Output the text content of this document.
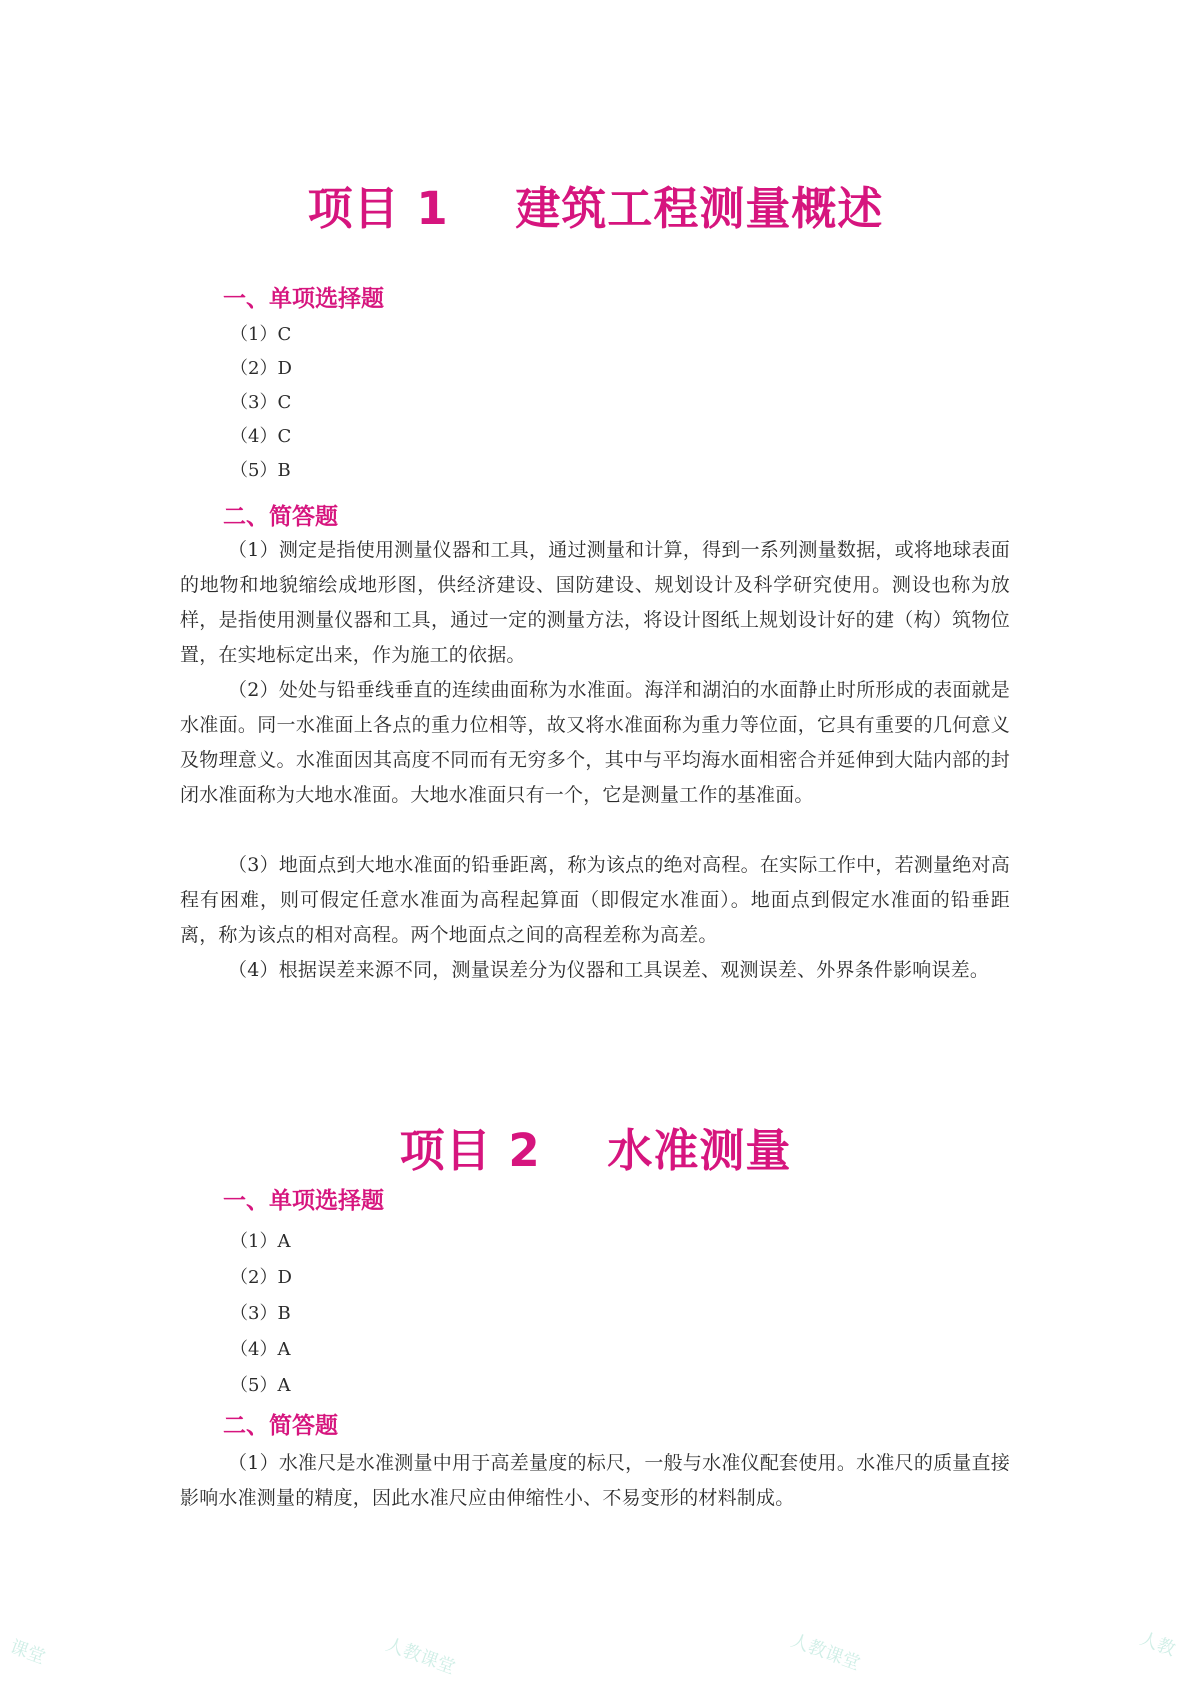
项目 1    建筑工程测量概述
一、单项选择题
（1）C
（2）D
（3）C
（4）C
（5）B
二、简答题

（1）测定是指使用测量仪器和工具，通过测量和计算，得到一系列测量数据，或将地球表面的地物和地貌缩绘成地形图，供经济建设、国防建设、规划设计及科学研究使用。测设也称为放样，是指使用测量仪器和工具，通过一定的测量方法，将设计图纸上规划设计好的建（构）筑物位置，在实地标定出来，作为施工的依据。

（2）处处与铅垂线垂直的连续曲面称为水准面。海洋和湖泊的水面静止时所形成的表面就是水准面。同一水准面上各点的重力位相等，故又将水准面称为重力等位面，它具有重要的几何意义及物理意义。水准面因其高度不同而有无穷多个，其中与平均海水面相密合并延伸到大陆内部的封闭水准面称为大地水准面。大地水准面只有一个，它是测量工作的基准面。

（3）地面点到大地水准面的铅垂距离，称为该点的绝对高程。在实际工作中，若测量绝对高程有困难，则可假定任意水准面为高程起算面（即假定水准面）。地面点到假定水准面的铅垂距离，称为该点的相对高程。两个地面点之间的高程差称为高差。

（4）根据误差来源不同，测量误差分为仪器和工具误差、观测误差、外界条件影响误差。

项目 2    水准测量
一、单项选择题
（1）A
（2）D
（3）B
（4）A
（5）A
二、简答题

（1）水准尺是水准测量中用于高差量度的标尺，一般与水准仪配套使用。水准尺的质量直接影响水准测量的精度，因此水准尺应由伸缩性小、不易变形的材料制成。

课堂	人教课堂	人教课堂	人教
